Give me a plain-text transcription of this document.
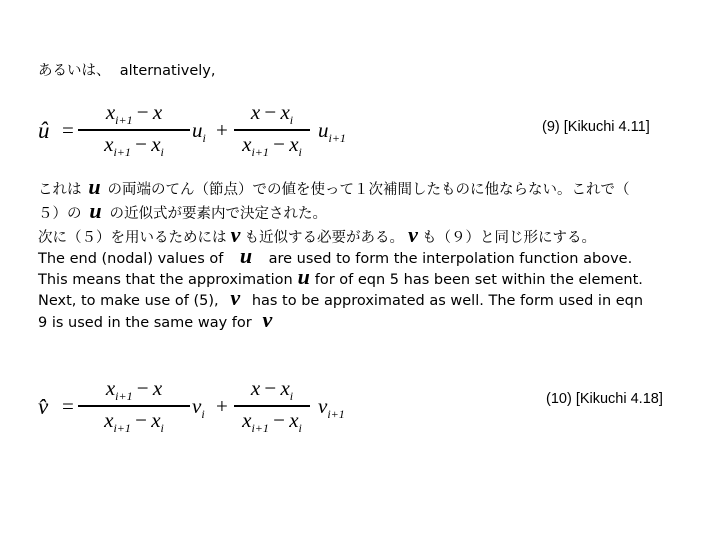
あるいは、 alternatively,
û =
$x_{i+1} - x$
$x_{i+1} - x_i$
$u_i$ +
$x - x_i$
$x_{i+1} - x_i$
$u_{i+1}$
(9) [Kikuchi 4.11]
これは u の両端のてん（節点）での値を使って１次補間したものに他ならない。これで（
５）の u の近似式が要素内で決定された。
次に（５）を用いるためには v も近似する必要がある。 v も（９）と同じ形にする。
The end (nodal) values of u are used to form the interpolation function above.
This means that the approximation u for of eqn 5 has been set within the element.
Next, to make use of (5), v has to be approximated as well. The form used in eqn
9 is used in the same way for v
v̂ =
$x_{i+1} - x$
$x_{i+1} - x_i$
$v_i$ +
$x - x_i$
$x_{i+1} - x_i$
$v_{i+1}$
(10) [Kikuchi 4.18]
